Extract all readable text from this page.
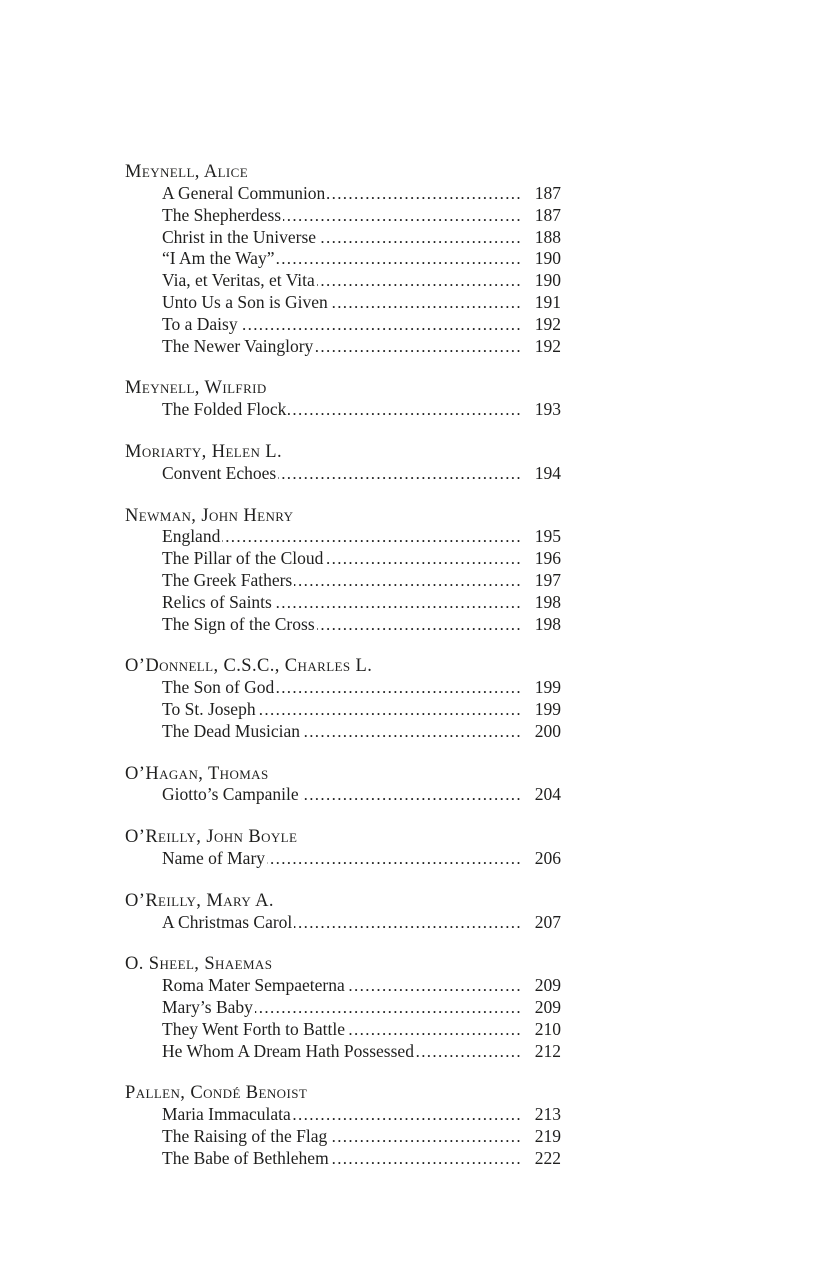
Meynell, Alice
A General Communion .....	187
The Shepherdess .....	187
Christ in the Universe .....	188
“I Am the Way” .....	190
Via, et Veritas, et Vita .....	190
Unto Us a Son is Given .....	191
To a Daisy .....	192
The Newer Vainglory .....	192
Meynell, Wilfrid
The Folded Flock .....	193
Moriarty, Helen L.
Convent Echoes .....	194
Newman, John Henry
England .....	195
The Pillar of the Cloud .....	196
The Greek Fathers .....	197
Relics of Saints .....	198
The Sign of the Cross .....	198
O’Donnell, C.S.C., Charles L.
The Son of God .....	199
To St. Joseph .....	199
The Dead Musician .....	200
O’Hagan, Thomas
Giotto’s Campanile .....	204
O’Reilly, John Boyle
Name of Mary .....	206
O’Reilly, Mary A.
A Christmas Carol .....	207
O. Sheel, Shaemas
Roma Mater Sempaeterna .....	209
Mary’s Baby .....	209
They Went Forth to Battle .....	210
He Whom A Dream Hath Possessed .....	212
Pallen, Condé Benoist
Maria Immaculata .....	213
The Raising of the Flag .....	219
The Babe of Bethlehem .....	222
